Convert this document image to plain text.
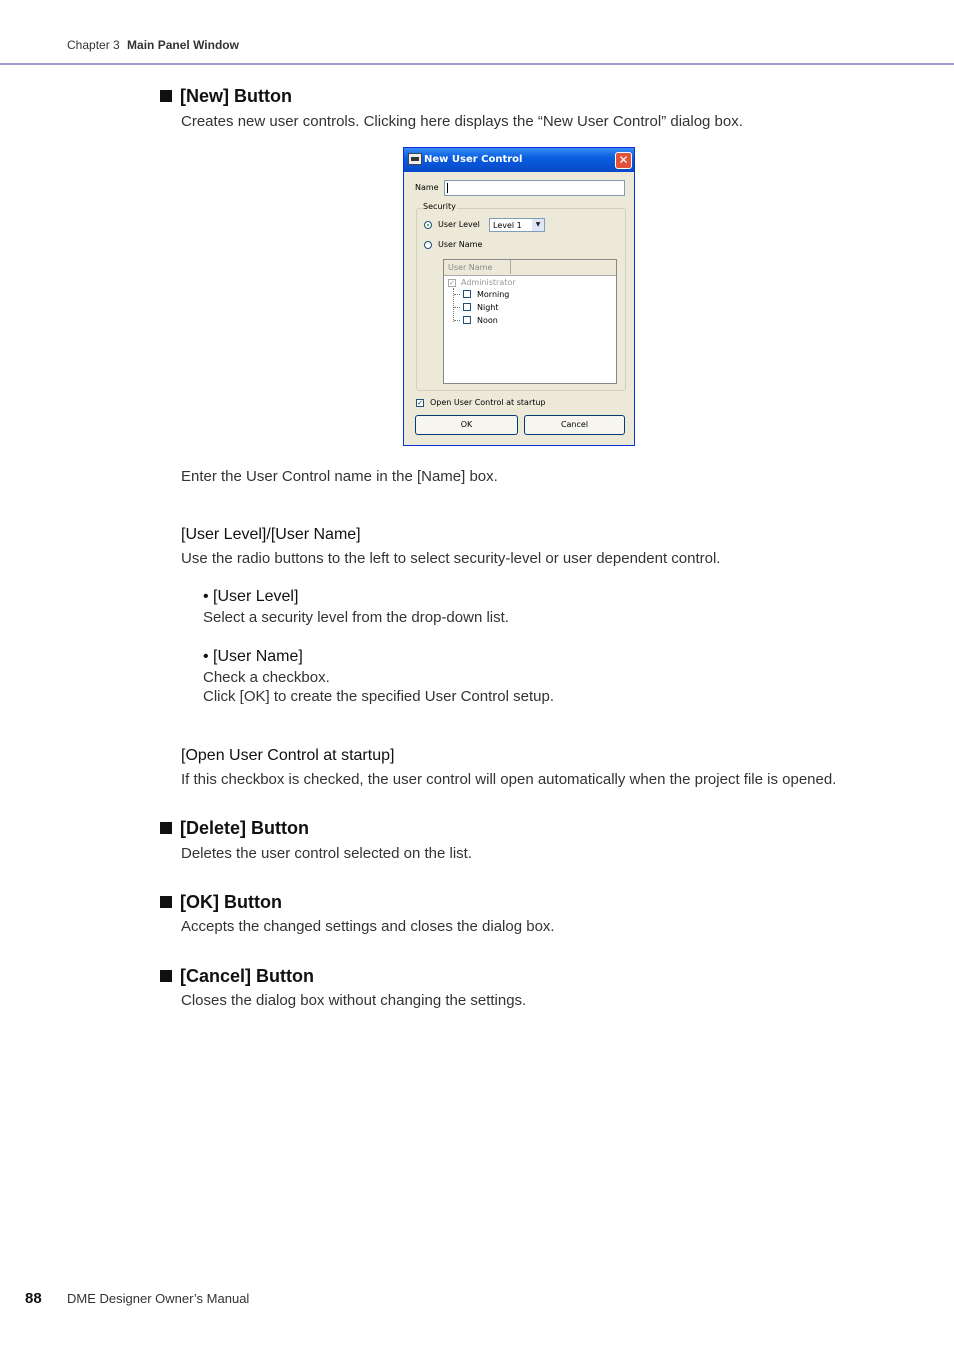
Chapter 3 Main Panel Window
[New] Button
Creates new user controls. Clicking here displays the “New User Control” dialog box.
New User Control	✕
Name
Security
User Level Level 1	▼
User Name
User Name
✓ Administrator
Morning
Night
Noon
✓ Open User Control at startup
OK	Cancel
Enter the User Control name in the [Name] box.
[User Level]/[User Name]
Use the radio buttons to the left to select security-level or user dependent control.
• [User Level]
Select a security level from the drop-down list.
• [User Name]
Check a checkbox.
Click [OK] to create the specified User Control setup.
[Open User Control at startup]
If this checkbox is checked, the user control will open automatically when the project file is opened.
[Delete] Button
Deletes the user control selected on the list.
[OK] Button
Accepts the changed settings and closes the dialog box.
[Cancel] Button
Closes the dialog box without changing the settings.
88 DME Designer Owner’s Manual
